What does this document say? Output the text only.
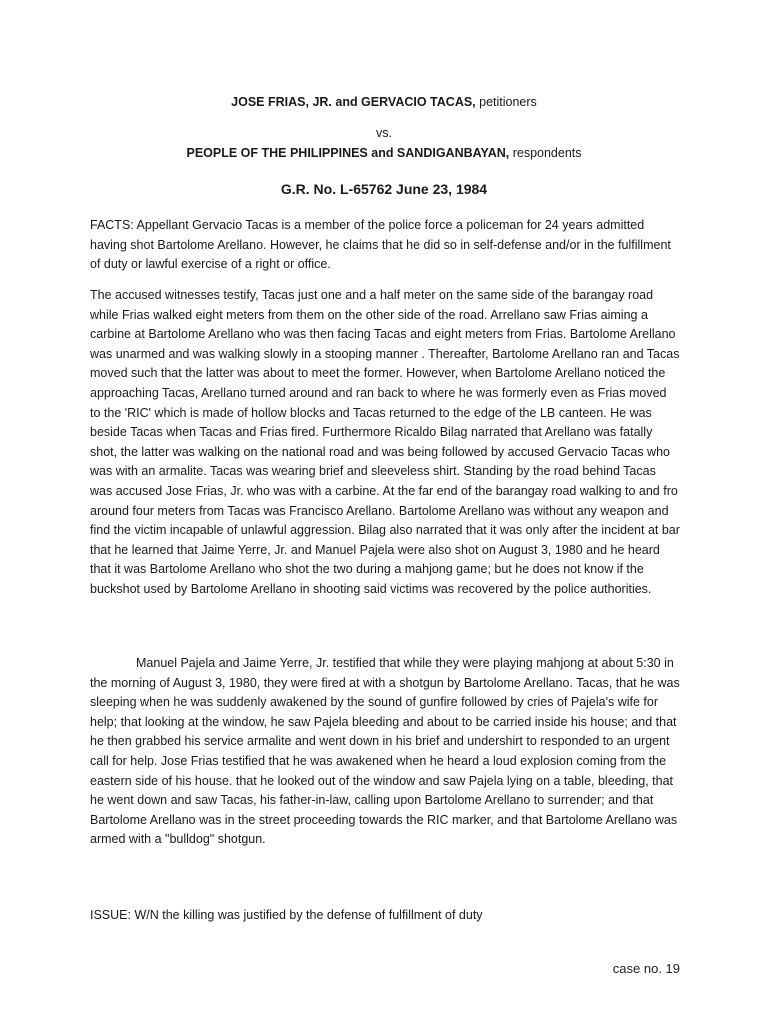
JOSE FRIAS, JR. and GERVACIO TACAS, petitioners
vs.
PEOPLE OF THE PHILIPPINES and SANDIGANBAYAN, respondents
G.R. No. L-65762 June 23, 1984

FACTS: Appellant Gervacio Tacas is a member of the police force a policeman for 24 years admitted having shot Bartolome Arellano. However, he claims that he did so in self-defense and/or in the fulfillment of duty or lawful exercise of a right or office.

The accused witnesses testify, Tacas just one and a half meter on the same side of the barangay road while Frias walked eight meters from them on the other side of the road. Arrellano saw Frias aiming a carbine at Bartolome Arellano who was then facing Tacas and eight meters from Frias. Bartolome Arellano was unarmed and was walking slowly in a stooping manner . Thereafter, Bartolome Arellano ran and Tacas moved such that the latter was about to meet the former. However, when Bartolome Arellano noticed the approaching Tacas, Arellano turned around and ran back to where he was formerly even as Frias moved to the 'RIC' which is made of hollow blocks and Tacas returned to the edge of the LB canteen. He was beside Tacas when Tacas and Frias fired. Furthermore Ricaldo Bilag narrated that Arellano was fatally shot, the latter was walking on the national road and was being followed by accused Gervacio Tacas who was with an armalite. Tacas was wearing brief and sleeveless shirt. Standing by the road behind Tacas was accused Jose Frias, Jr. who was with a carbine. At the far end of the barangay road walking to and fro around four meters from Tacas was Francisco Arellano. Bartolome Arellano was without any weapon and find the victim incapable of unlawful aggression. Bilag also narrated that it was only after the incident at bar that he learned that Jaime Yerre, Jr. and Manuel Pajela were also shot on August 3, 1980 and he heard that it was Bartolome Arellano who shot the two during a mahjong game; but he does not know if the buckshot used by Bartolome Arellano in shooting said victims was recovered by the police authorities.

Manuel Pajela and Jaime Yerre, Jr. testified that while they were playing mahjong at about 5:30 in the morning of August 3, 1980, they were fired at with a shotgun by Bartolome Arellano. Tacas, that he was sleeping when he was suddenly awakened by the sound of gunfire followed by cries of Pajela's wife for help; that looking at the window, he saw Pajela bleeding and about to be carried inside his house; and that he then grabbed his service armalite and went down in his brief and undershirt to responded to an urgent call for help. Jose Frias testified that he was awakened when he heard a loud explosion coming from the eastern side of his house. that he looked out of the window and saw Pajela lying on a table, bleeding, that he went down and saw Tacas, his father-in-law, calling upon Bartolome Arellano to surrender; and that Bartolome Arellano was in the street proceeding towards the RIC marker, and that Bartolome Arellano was armed with a "bulldog" shotgun.

ISSUE: W/N the killing was justified by the defense of fulfillment of duty

case no. 19
